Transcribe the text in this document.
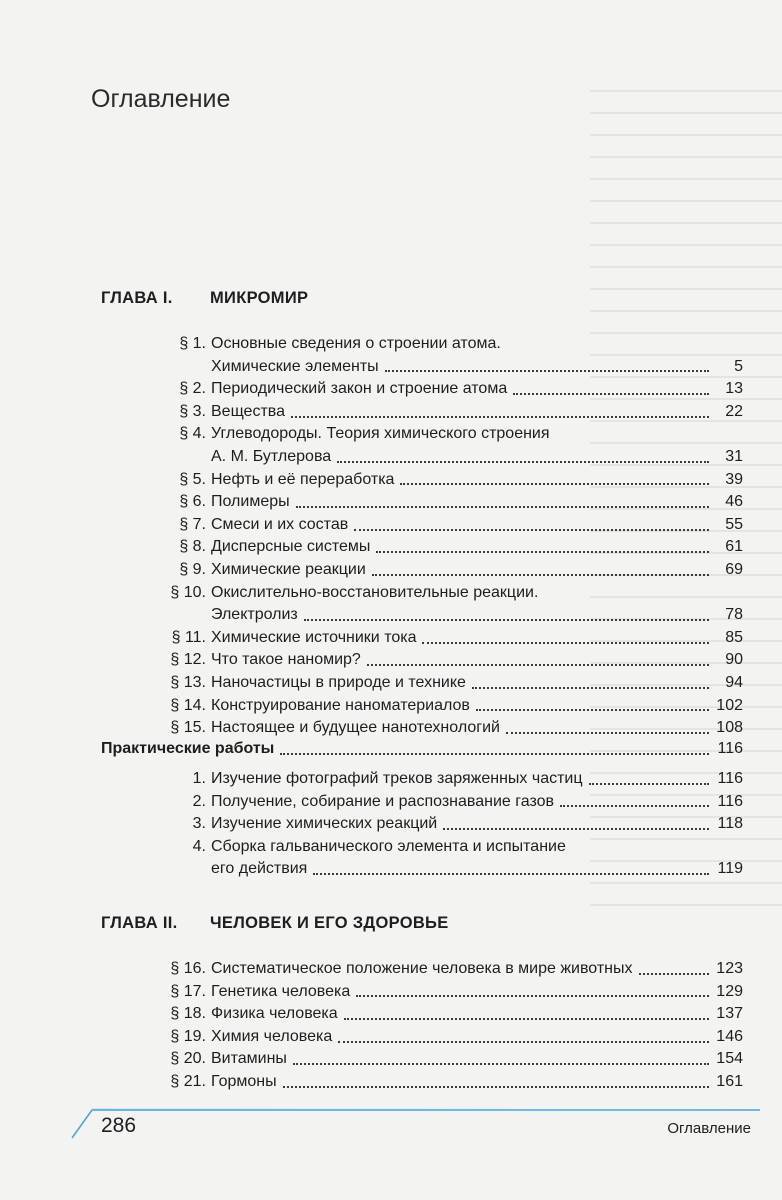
Оглавление
ГЛАВА I. МИКРОМИР
§ 1. Основные сведения о строении атома.
Химические элементы	5
§ 2. Периодический закон и строение атома	13
§ 3. Вещества	22
§ 4. Углеводороды. Теория химического строения
А. М. Бутлерова	31
§ 5. Нефть и её переработка	39
§ 6. Полимеры	46
§ 7. Смеси и их состав	55
§ 8. Дисперсные системы	61
§ 9. Химические реакции	69
§ 10. Окислительно-восстановительные реакции.
Электролиз	78
§ 11. Химические источники тока	85
§ 12. Что такое наномир?	90
§ 13. Наночастицы в природе и технике	94
§ 14. Конструирование наноматериалов	102
§ 15. Настоящее и будущее нанотехнологий	108
Практические работы	116
1. Изучение фотографий треков заряженных частиц	116
2. Получение, собирание и распознавание газов	116
3. Изучение химических реакций	118
4. Сборка гальванического элемента и испытание
его действия	119
ГЛАВА II. ЧЕЛОВЕК И ЕГО ЗДОРОВЬЕ
§ 16. Систематическое положение человека в мире животных	123
§ 17. Генетика человека	129
§ 18. Физика человека	137
§ 19. Химия человека	146
§ 20. Витамины	154
§ 21. Гормоны	161
286	Оглавление
